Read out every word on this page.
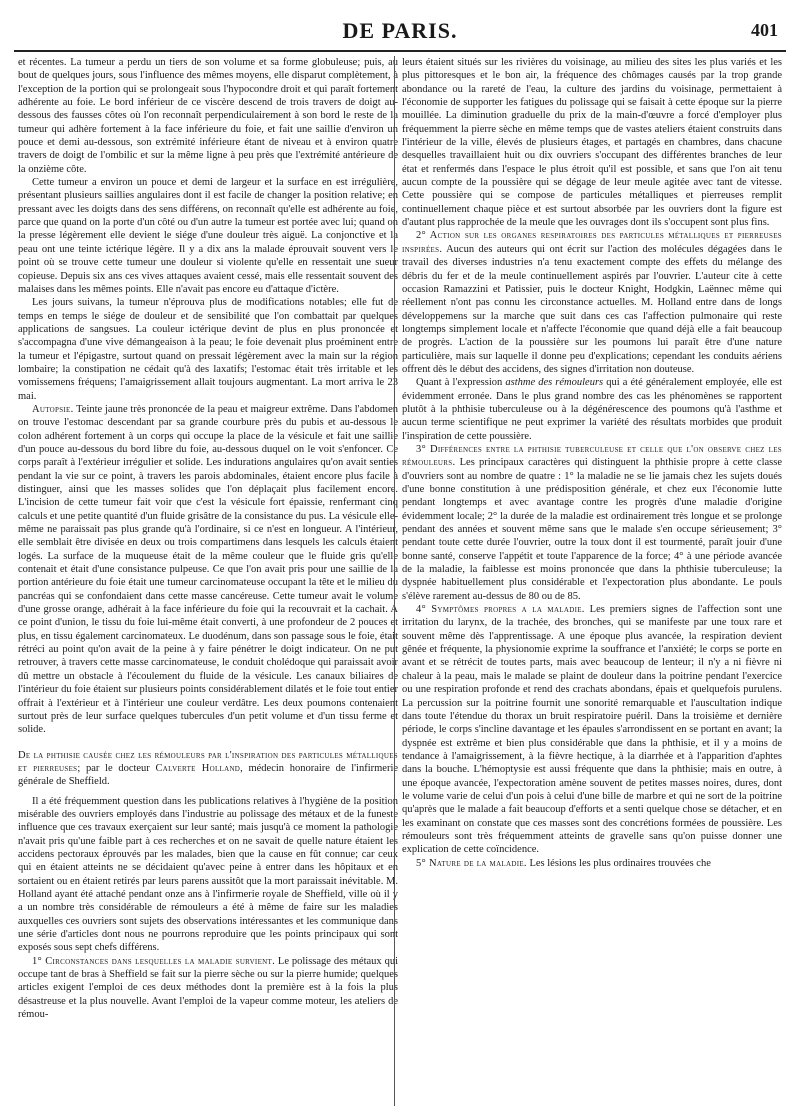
DE PARIS.	401

et récentes. La tumeur a perdu un tiers de son volume et sa forme globuleuse; puis, au bout de quelques jours, sous l'influence des mêmes moyens, elle disparut complètement, à l'exception de la portion qui se prolongeait sous l'hypocondre droit et qui paraît fortement adhérente au foie. Le bord inférieur de ce viscère descend de trois travers de doigt au-dessous des fausses côtes où l'on reconnaît perpendiculairement à son bord le reste de la tumeur qui adhère fortement à la face inférieure du foie, et fait une saillie d'environ un pouce et demi au-dessous, son extrémité inférieure étant de niveau et à environ quatre travers de doigt de l'ombilic et sur la même ligne à peu près que l'extrémité antérieure de la onzième côte.

Cette tumeur a environ un pouce et demi de largeur et la surface en est irrégulière, présentant plusieurs saillies angulaires dont il est facile de changer la position relative; en pressant avec les doigts dans des sens différens, on reconnaît qu'elle est adhérente au foie, parce que quand on la porte d'un côté ou d'un autre la tumeur est portée avec lui; quand on la presse légèrement elle devient le siége d'une douleur très aiguë. La conjonctive et la peau ont une teinte ictérique légère. Il y a dix ans la malade éprouvait souvent vers le point où se trouve cette tumeur une douleur si violente qu'elle en ressentait une sueur copieuse. Depuis six ans ces vives attaques avaient cessé, mais elle ressentait souvent des malaises dans les mêmes points. Elle n'avait pas encore eu d'attaque d'ictère.

Les jours suivans, la tumeur n'éprouva plus de modifications notables; elle fut de temps en temps le siége de douleur et de sensibilité que l'on combattait par quelques applications de sangsues. La couleur ictérique devint de plus en plus prononcée et s'accompagna d'une vive démangeaison à la peau; le foie devenait plus proéminent entre la tumeur et l'épigastre, surtout quand on pressait légèrement avec la main sur la région lombaire; la constipation ne cédait qu'à des laxatifs; l'estomac était très irritable et les vomissemens fréquens; l'amaigrissement allait toujours augmentant. La mort arriva le 23 mai.

Autopsie. Teinte jaune très prononcée de la peau et maigreur extrême. Dans l'abdomen on trouve l'estomac descendant par sa grande courbure près du pubis et au-dessous le colon adhérent fortement à un corps qui occupe la place de la vésicule et fait une saillie d'un pouce au-dessous du bord libre du foie, au-dessous duquel on le voit s'enfoncer. Ce corps paraît à l'extérieur irrégulier et solide. Les indurations angulaires qu'on avait senties pendant la vie sur ce point, à travers les parois abdominales, étaient encore plus facile à distinguer, ainsi que les masses solides que l'on déplaçait plus facilement encore. L'incision de cette tumeur fait voir que c'est la vésicule fort épaissie, renfermant cinq calculs et une petite quantité d'un fluide grisâtre de la consistance du pus. La vésicule elle-même ne paraissait pas plus grande qu'à l'ordinaire, si ce n'est en longueur. A l'intérieur, elle semblait être divisée en deux ou trois compartimens dans lesquels les calculs étaient logés. La surface de la muqueuse était de la même couleur que le fluide gris qu'elle contenait et était d'une consistance pulpeuse. Ce que l'on avait pris pour une saillie de la portion antérieure du foie était une tumeur carcinomateuse occupant la tête et le milieu du pancréas qui se confondaient dans cette masse cancéreuse. Cette tumeur avait le volume d'une grosse orange, adhérait à la face inférieure du foie qui la recouvrait et la cachait. A ce point d'union, le tissu du foie lui-même était converti, à une profondeur de 2 pouces et plus, en tissu également carcinomateux. Le duodénum, dans son passage sous le foie, était rétréci au point qu'on avait de la peine à y faire pénétrer le doigt indicateur. On ne put retrouver, à travers cette masse carcinomateuse, le conduit cholédoque qui paraissait avoir dû mettre un obstacle à l'écoulement du fluide de la vésicule. Les canaux biliaires de l'intérieur du foie étaient sur plusieurs points considérablement dilatés et le foie tout entier offrait à l'extérieur et à l'intérieur une couleur verdâtre. Les deux poumons contenaient surtout près de leur surface quelques tubercules d'un petit volume et d'un tissu ferme et solide.

De la phthisie causée chez les rémouleurs par l'inspiration des particules métalliques et pierreuses; par le docteur Calverte Holland, médecin honoraire de l'infirmerie générale de Sheffield.

Il a été fréquemment question dans les publications relatives à l'hygiène de la position misérable des ouvriers employés dans l'industrie au polissage des métaux et de la funeste influence que ces travaux exerçaient sur leur santé; mais jusqu'à ce moment la pathologie n'avait pris qu'une faible part à ces recherches et on ne savait de quelle nature étaient les accidens pectoraux éprouvés par les malades, bien que la cause en fût connue; car ceux qui en étaient atteints ne se décidaient qu'avec peine à entrer dans les hôpitaux et en sortaient ou en étaient retirés par leurs parens aussitôt que la mort paraissait inévitable. M. Holland ayant été attaché pendant onze ans à l'infirmerie royale de Sheffield, ville où il y a un nombre très considérable de rémouleurs a été à même de faire sur les maladies auxquelles ces ouvriers sont sujets des observations intéressantes et les communique dans une série d'articles dont nous ne pourrons reproduire que les points principaux qui sont exposés sous sept chefs différens.

1° Circonstances dans lesquelles la maladie survient. Le polissage des métaux qui occupe tant de bras à Sheffield se fait sur la pierre sèche ou sur la pierre humide; quelques articles exigent l'emploi de ces deux méthodes dont la première est à la fois la plus désastreuse et la plus nouvelle. Avant l'emploi de la vapeur comme moteur, les ateliers de rémou-

leurs étaient situés sur les rivières du voisinage, au milieu des sites les plus variés et les plus pittoresques et le bon air, la fréquence des chômages causés par la trop grande abondance ou la rareté de l'eau, la culture des jardins du voisinage, permettaient à l'économie de supporter les fatigues du polissage qui se faisait à cette époque sur la pierre mouillée. La diminution graduelle du prix de la main-d'œuvre a forcé d'employer plus fréquemment la pierre sèche en même temps que de vastes ateliers étaient construits dans l'intérieur de la ville, élevés de plusieurs étages, et partagés en chambres, dans chacune desquelles travaillaient huit ou dix ouvriers s'occupant des différentes branches de leur état et renfermés dans l'espace le plus étroit qu'il est possible, et sans que l'on ait tenu aucun compte de la poussière qui se dégage de leur meule agitée avec tant de vitesse. Cette poussière qui se compose de particules métalliques et pierreuses remplit continuellement chaque pièce et est surtout absorbée par les ouvriers dont la figure est d'autant plus rapprochée de la meule que les ouvrages dont ils s'occupent sont plus fins.

2° Action sur les organes respiratoires des particules métalliques et pierreuses inspirées. Aucun des auteurs qui ont écrit sur l'action des molécules dégagées dans le travail des diverses industries n'a tenu exactement compte des effets du mélange des débris du fer et de la meule continuellement aspirés par l'ouvrier. L'auteur cite à cette occasion Ramazzini et Patissier, puis le docteur Knight, Hodgkin, Laënnec même qui réellement n'ont pas connu les circonstance actuelles. M. Holland entre dans de longs développemens sur la marche que suit dans ces cas l'affection pulmonaire qui reste longtemps simplement locale et n'affecte l'économie que quand déjà elle a fait beaucoup de progrès. L'action de la poussière sur les poumons lui paraît être d'une nature particulière, mais sur laquelle il donne peu d'explications; cependant les conduits aériens offrent dès le début des accidens, des signes d'irritation non douteuse.

Quant à l'expression asthme des rémouleurs qui a été généralement employée, elle est évidemment erronée. Dans le plus grand nombre des cas les phénomènes se rapportent plutôt à la phthisie tuberculeuse ou à la dégénérescence des poumons qu'à l'asthme et aucun terme scientifique ne peut exprimer la variété des résultats morbides que produit l'inspiration de cette poussière.

3° Différences entre la phthisie tuberculeuse et celle que l'on observe chez les rémouleurs. Les principaux caractères qui distinguent la phthisie propre à cette classe d'ouvriers sont au nombre de quatre : 1° la maladie ne se lie jamais chez les sujets doués d'une bonne constitution à une prédisposition générale, et chez eux l'économie lutte pendant longtemps et avec avantage contre les progrès d'une maladie d'origine évidemment locale; 2° la durée de la maladie est ordinairement très longue et se prolonge pendant des années et souvent même sans que le malade s'en occupe sérieusement; 3° pendant toute cette durée l'ouvrier, outre la toux dont il est tourmenté, paraît jouir d'une bonne santé, conserve l'appétit et toute l'apparence de la force; 4° à une période avancée de la maladie, la faiblesse est moins prononcée que dans la phthisie tuberculeuse; la dyspnée habituellement plus considérable et l'expectoration plus abondante. Le pouls s'élève rarement au-dessus de 80 ou de 85.

4° Symptômes propres a la maladie. Les premiers signes de l'affection sont une irritation du larynx, de la trachée, des bronches, qui se manifeste par une toux rare et souvent même dès l'apprentissage. A une époque plus avancée, la respiration devient gênée et fréquente, la physionomie exprime la souffrance et l'anxiété; le corps se porte en avant et se rétrécit de toutes parts, mais avec beaucoup de lenteur; il n'y a ni fièvre ni chaleur à la peau, mais le malade se plaint de douleur dans la poitrine pendant l'exercice ou une respiration profonde et rend des crachats abondans, épais et quelquefois purulens. La percussion sur la poitrine fournit une sonorité remarquable et l'auscultation indique dans toute l'étendue du thorax un bruit respiratoire puéril. Dans la troisième et dernière période, le corps s'incline davantage et les épaules s'arrondissent en se portant en avant; la dyspnée est extrême et bien plus considérable que dans la phthisie, et il y a moins de tendance à l'amaigrissement, à la fièvre hectique, à la diarrhée et à l'apparition d'aphtes dans la bouche. L'hémoptysie est aussi fréquente que dans la phthisie; mais en outre, à une époque avancée, l'expectoration amène souvent de petites masses noires, dures, dont le volume varie de celui d'un pois à celui d'une bille de marbre et qui ne sort de la poitrine qu'après que le malade a fait beaucoup d'efforts et a senti quelque chose se détacher, et en les examinant on constate que ces masses sont des concrétions formées de poussière. Les rémouleurs sont très fréquemment atteints de gravelle sans qu'on puisse donner une explication de cette coïncidence.

5° Nature de la maladie. Les lésions les plus ordinaires trouvées che
